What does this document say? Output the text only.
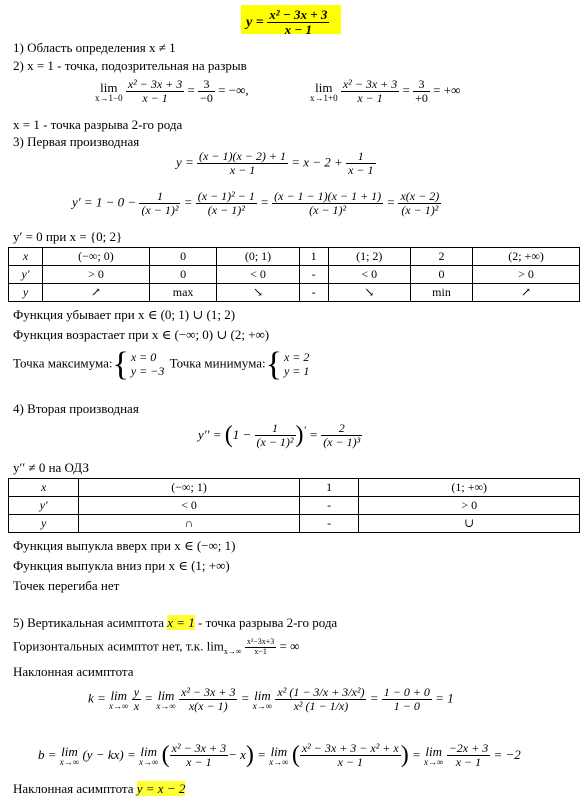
$y = \frac{\text{x² − 3x + 3}}{x - 1}$
1) Область определения x ≠ 1
2) x = 1 - точка, подозрительная на разрыв
lim
x→1−0
$\frac{\text{x² − 3x + 3}}{x - 1} = \frac{3}{-0}$ = −∞,	lim
x→1+0
$\frac{\text{x² − 3x + 3}}{x - 1} = \frac{3}{+0}$ = +∞
x = 1 - точка разрыва 2-го рода
3) Первая производная
$y = \frac{(x - 1)(x - 2) + 1}{x - 1} = x - 2 + \frac{1}{x - 1}$
$y' = 1 - 0 - \frac{1}{\text{(x − 1)²}} = \frac{\text{(x − 1)² − 1}}{\text{(x − 1)²}} = \frac{(x - 1 - 1)(x - 1 + 1)}{\text{(x − 1)²}} = \frac{x(x - 2)}{\text{(x − 1)²}}$
y′ = 0 при x = {0; 2}
x	(−∞; 0)	0	(0; 1)	1	(1; 2)	2	(2; +∞)
y′	> 0	0	< 0	-	< 0	0	> 0
y	↗	max	↘	-	↘	min	↗
Функция убывает при x ∈ (0; 1) ∪ (1; 2)
Функция возрастает при x ∈ (−∞; 0) ∪ (2; +∞)
Точка максимума:{ x = 0
y = −3
Точка минимума:{ x = 2
y = 1
4) Вторая производная
$y'' = (1 - \frac{1}{\text{(x − 1)²}} )' = \frac{2}{\text{(x − 1)³}}$
y′′ ≠ 0 на ОДЗ
x	(−∞; 1)	1	(1; +∞)
y′	< 0	-	> 0
y	∩	-	∪
Функция выпукла вверх при x ∈ (−∞; 1)
Функция выпукла вниз при x ∈ (1; +∞)
Точек перегиба нет
5) Вертикальная асимптота x = 1 - точка разрыва 2-го рода
Горизонтальных асимптот нет, т.к. $\lim_{x\to\infty} \frac{\text{x²−3x+3}}{x-1}$ = ∞
Наклонная асимптота
k = lim
x→∞
$\frac{y}{x} = \lim$
x→∞
$\frac{\text{x² − 3x + 3}}{x(x - 1)} = \lim$
x→∞
$\frac{\text{x² (1 − 3/x + 3/x²)}}{\text{x² (1 − 1/x)}} = \frac{1 - 0 + 0}{1 - 0} = 1$
b = lim
x→∞
(y − kx) = lim
x→∞ ( $\frac{\text{x² − 3x + 3}}{x - 1} - x) = \lim$
x→∞ ( $\frac{\text{x² − 3x + 3 − x² + x}}{x - 1}$ ) = lim
x→∞
$\frac{-2x + 3}{x - 1} = -2$
Наклонная асимптота y = x − 2
